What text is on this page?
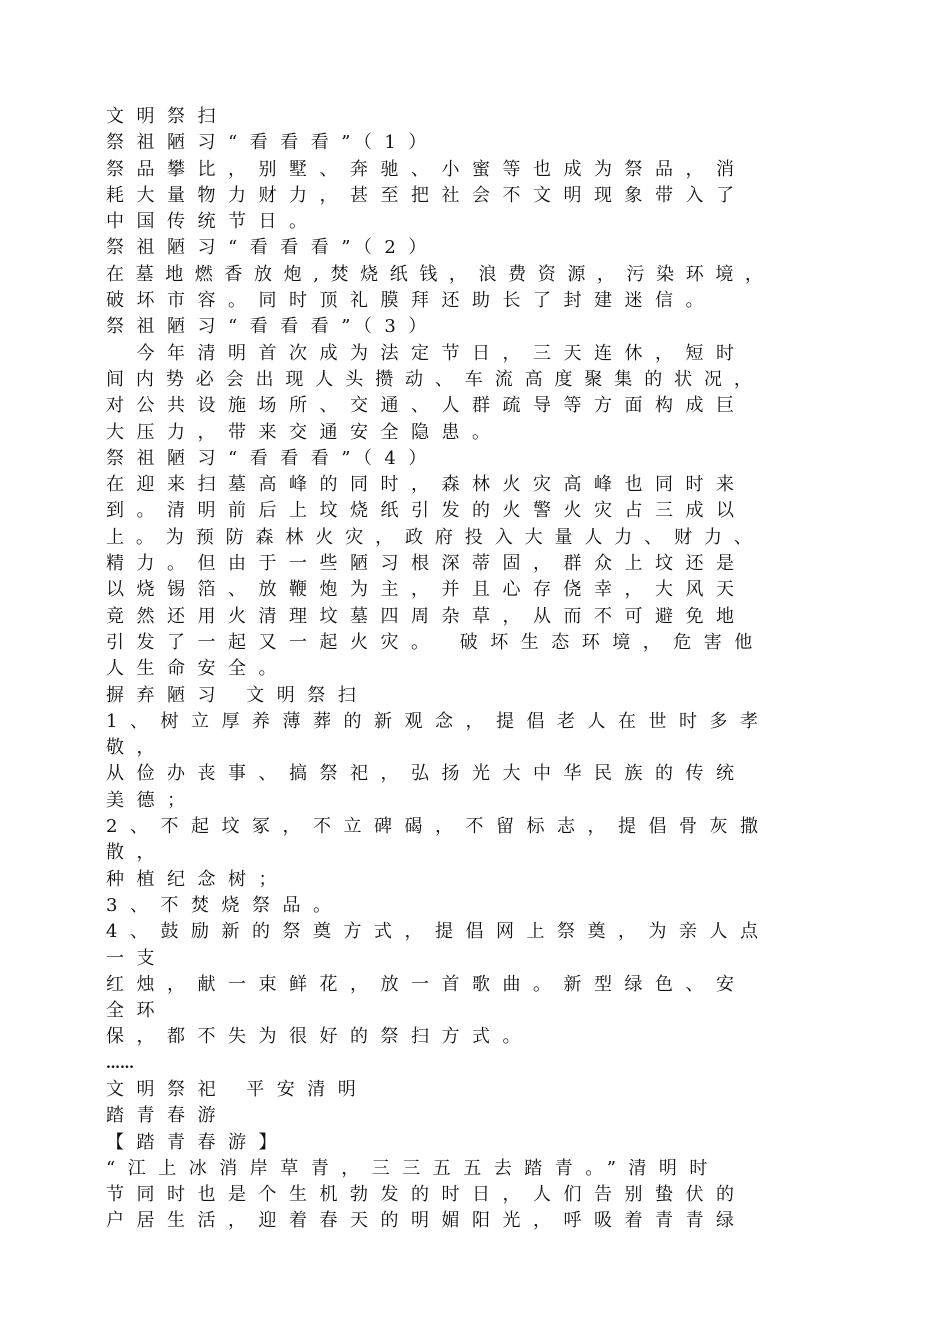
文明祭扫
祭祖陋习“看看看”（1）
祭品攀比，别墅、奔驰、小蜜等也成为祭品，消
耗大量物力财力，甚至把社会不文明现象带入了
中国传统节日。
祭祖陋习“看看看”（2）
在墓地燃香放炮,焚烧纸钱，浪费资源，污染环境，
破坏市容。同时顶礼膜拜还助长了封建迷信。
祭祖陋习“看看看”（3）
　今年清明首次成为法定节日，三天连休，短时
间内势必会出现人头攒动、车流高度聚集的状况，
对公共设施场所、交通、人群疏导等方面构成巨
大压力，带来交通安全隐患。
祭祖陋习“看看看”（4）
在迎来扫墓高峰的同时，森林火灾高峰也同时来
到。清明前后上坟烧纸引发的火警火灾占三成以
上。为预防森林火灾，政府投入大量人力、财力、
精力。但由于一些陋习根深蒂固，群众上坟还是
以烧锡箔、放鞭炮为主，并且心存侥幸，大风天
竟然还用火清理坟墓四周杂草，从而不可避免地
引发了一起又一起火灾。 破坏生态环境，危害他
人生命安全。
摒弃陋习 文明祭扫
1、树立厚养薄葬的新观念，提倡老人在世时多孝
敬，
从俭办丧事、搞祭祀，弘扬光大中华民族的传统
美德；
2、不起坟冢，不立碑碣，不留标志，提倡骨灰撒
散，
种植纪念树；
3、不焚烧祭品。
4、鼓励新的祭奠方式，提倡网上祭奠，为亲人点
一支
红烛，献一束鲜花，放一首歌曲。新型绿色、安
全环
保，都不失为很好的祭扫方式。
……
文明祭祀 平安清明
踏青春游
【踏青春游】
“江上冰消岸草青，三三五五去踏青。”清明时
节同时也是个生机勃发的时日，人们告别蛰伏的
户居生活，迎着春天的明媚阳光，呼吸着青青绿
